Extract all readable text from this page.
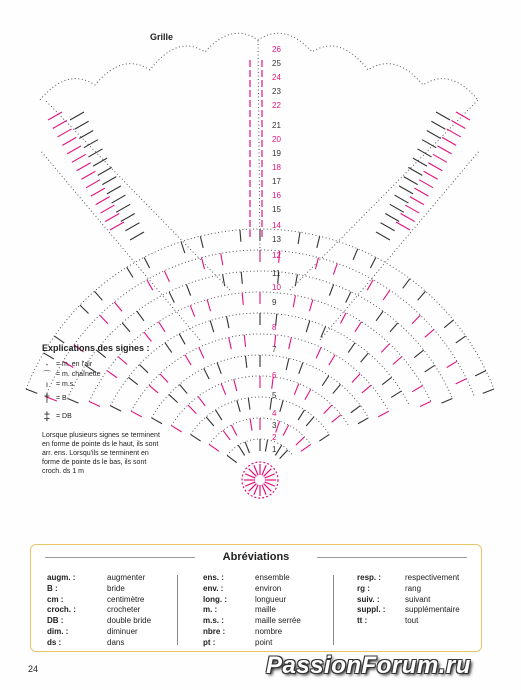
1
2
3
4
5
6
7
8
9
10
11
12
13
14
15
16
17
18
19
20
21
22
23
24
25
26
Grille
Explications des signes :
-	= m. en l'air
⌒ = m. chaînette
ı	= m.s.
† = B
‡ = DB
Lorsque plusieurs signes se terminent en forme de pointe ds le haut, ils sont arr. ens. Lorsqu'ils se terminent en forme de pointe ds le bas, ils sont croch. ds 1 m
Abréviations
augm. :	augmenter
B :	bride
cm :	centimètre
croch. :	crocheter
DB :	double bride
dim. :	diminuer
ds :	dans
ens. :	ensemble
env. :	environ
long. :	longueur
m. :	maille
m.s. :	maille serrée
nbre :	nombre
pt :	point
resp. :	respectivement
rg :	rang
suiv. :	suivant
suppl. :	supplémentaire
tt :	tout
24	PassionForum.ru
